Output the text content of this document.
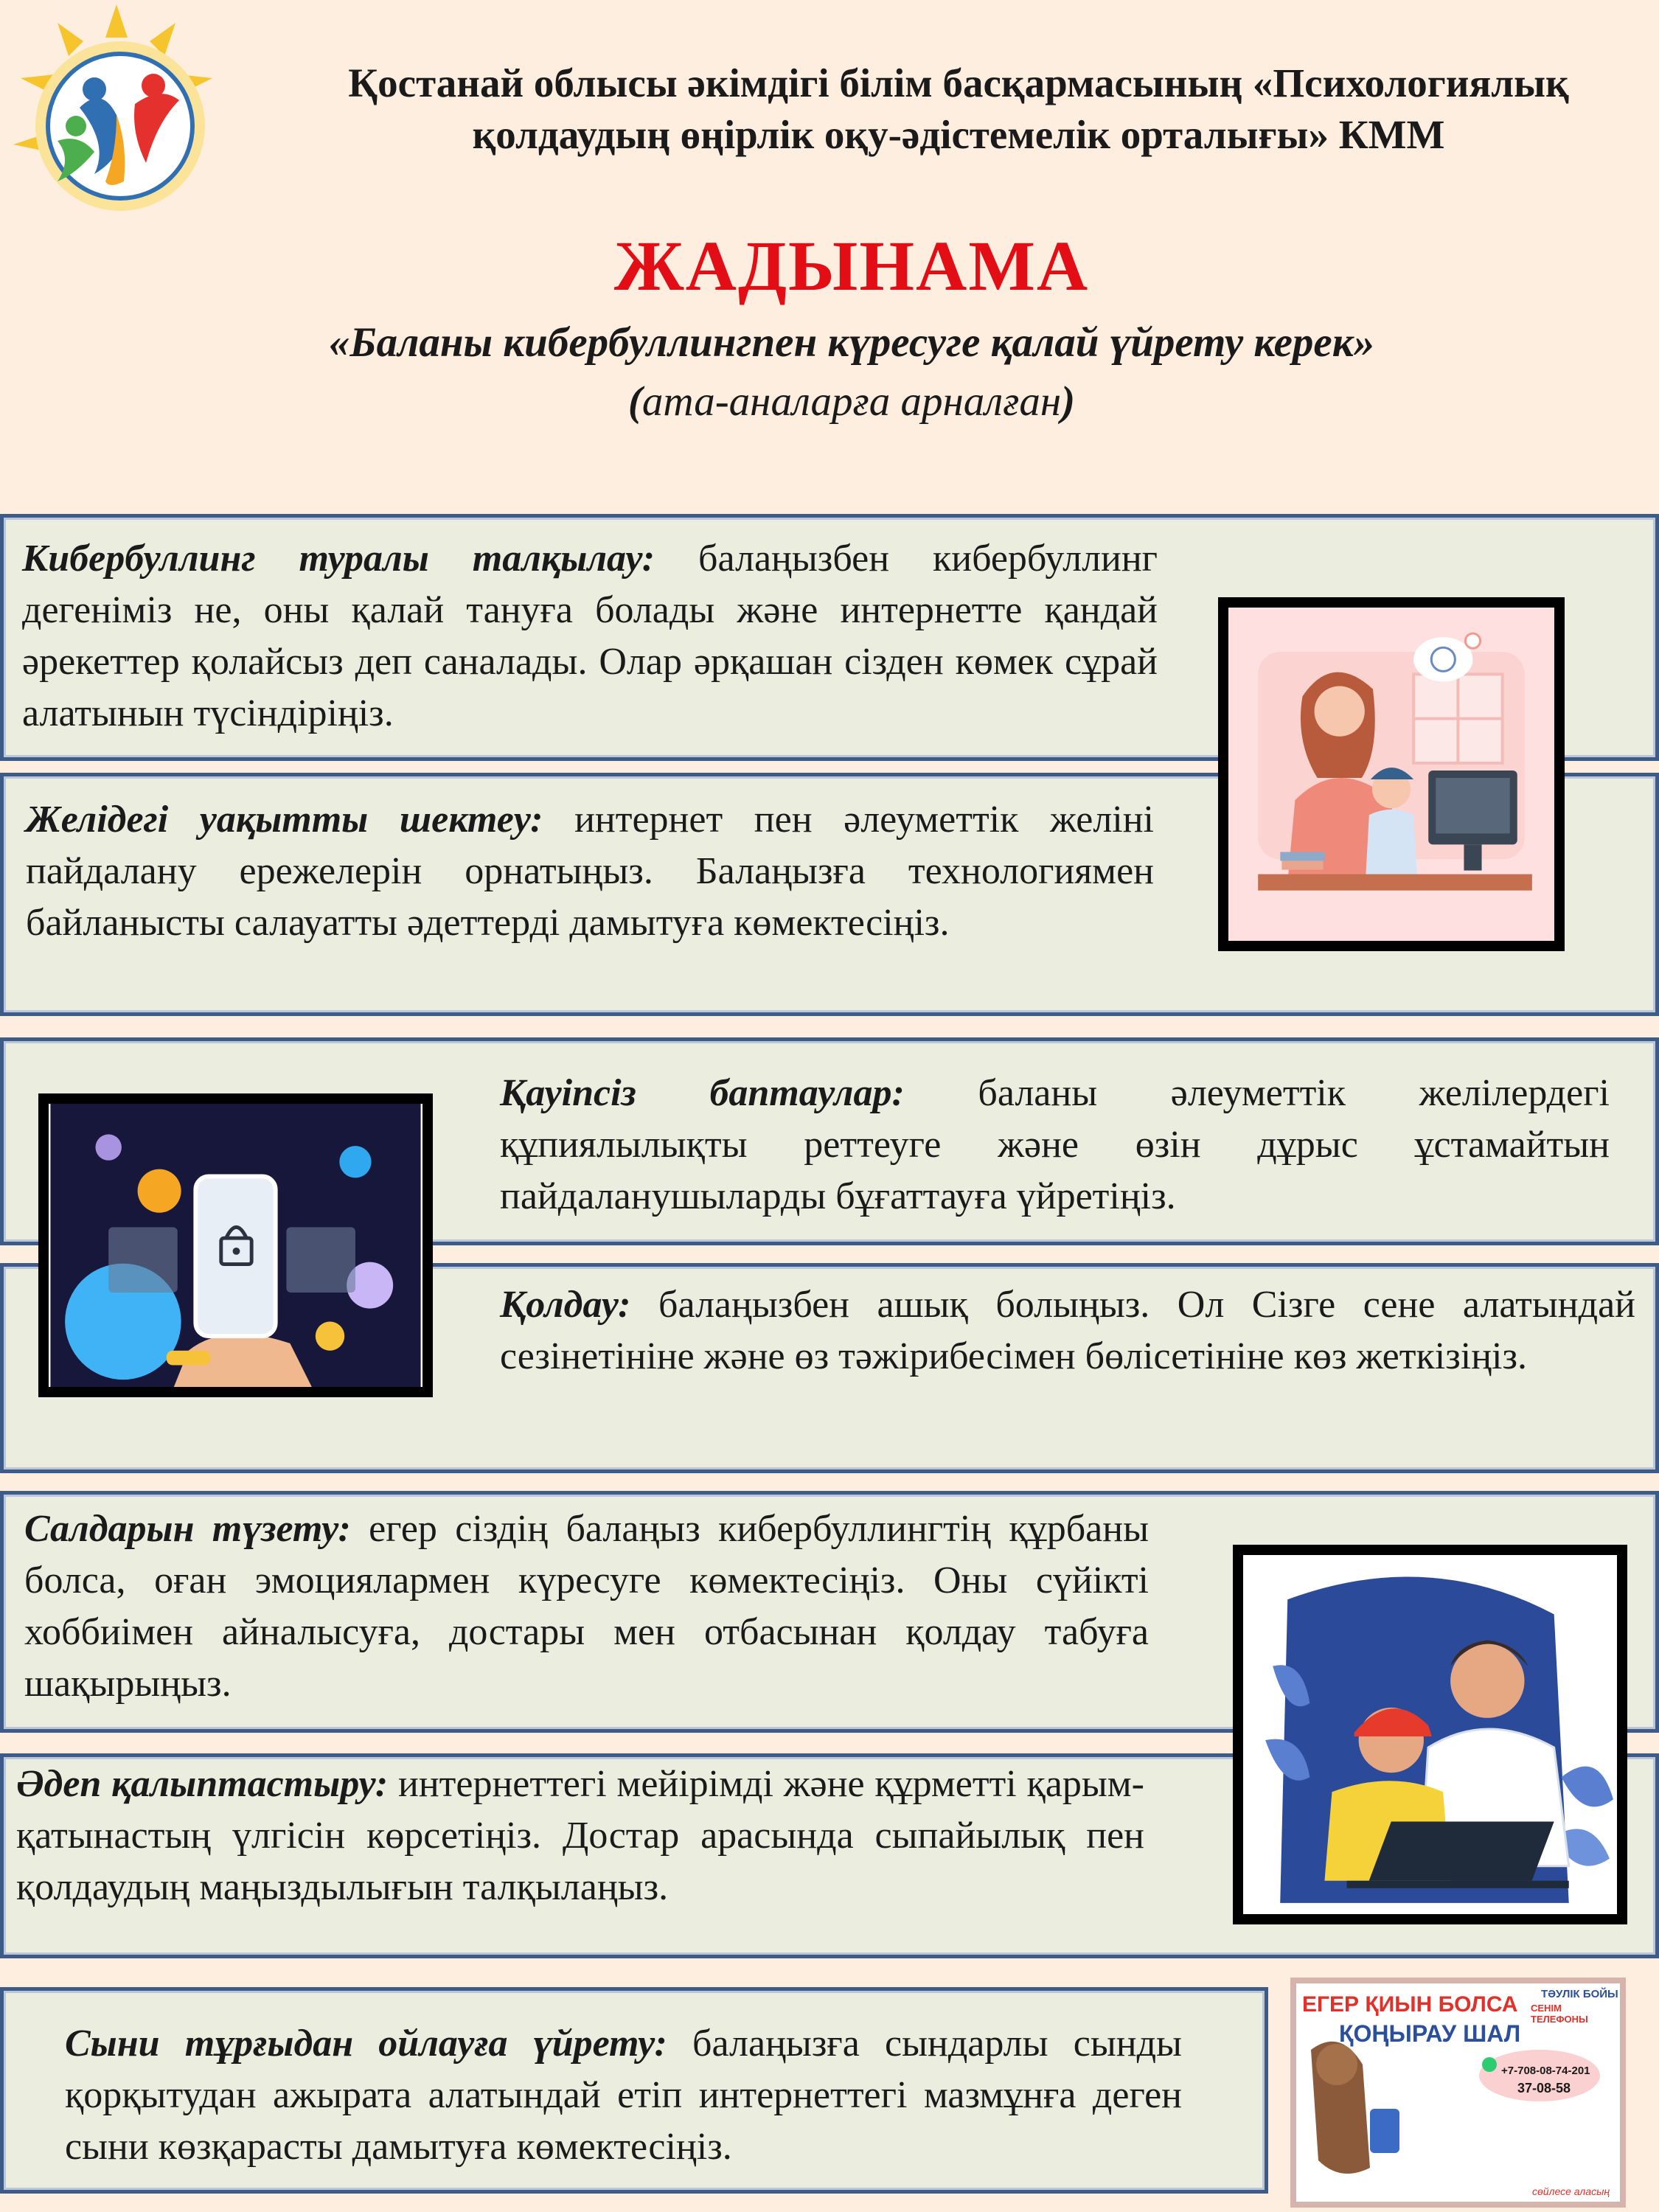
Қостанай облысы әкімдігі білім басқармасының «Психологиялық
қолдаудың өңірлік оқу-әдістемелік орталығы» КММ
ЖАДЫНАМА
«Баланы кибербуллингпен күресуге қалай үйрету керек»
(ата-аналарға арналған)
Кибербуллинг туралы талқылау: балаңызбен кибербуллинг дегеніміз не, оны қалай тануға болады және интернетте қандай әрекеттер қолайсыз деп саналады. Олар әрқашан сізден көмек сұрай алатынын түсіндіріңіз.
Желідегі уақытты шектеу: интернет пен әлеуметтік желіні пайдалану ережелерін орнатыңыз. Балаңызға технологиямен байланысты салауатты әдеттерді дамытуға көмектесіңіз.
Қауіпсіз баптаулар: баланы әлеуметтік желілердегі құпиялылықты реттеуге және өзін дұрыс ұстамайтын пайдаланушыларды бұғаттауға үйретіңіз.
Қолдау: балаңызбен ашық болыңыз. Ол Сізге сене алатындай сезінетініне және өз тәжірибесімен бөлісетініне көз жеткізіңіз.
Салдарын түзету: егер сіздің балаңыз кибербуллингтің құрбаны болса, оған эмоциялармен күресуге көмектесіңіз. Оны сүйікті хоббиімен айналысуға, достары мен отбасынан қолдау табуға шақырыңыз.
Әдеп қалыптастыру: интернеттегі мейірімді және құрметті қарым-қатынастың үлгісін көрсетіңіз. Достар арасында сыпайылық пен қолдаудың маңыздылығын талқылаңыз.
Сыни тұрғыдан ойлауға үйрету: балаңызға сындарлы сынды қорқытудан ажырата алатындай етіп интернеттегі мазмұнға деген сыни көзқарасты дамытуға көмектесіңіз.
ЕГЕР ҚИЫН БОЛСА
ҚОҢЫРАУ ШАЛ
ТӘУЛІК БОЙЫ
СЕНІМ ТЕЛЕФОНЫ
+7-708-08-74-201
37-08-58
сөйлесе аласың
